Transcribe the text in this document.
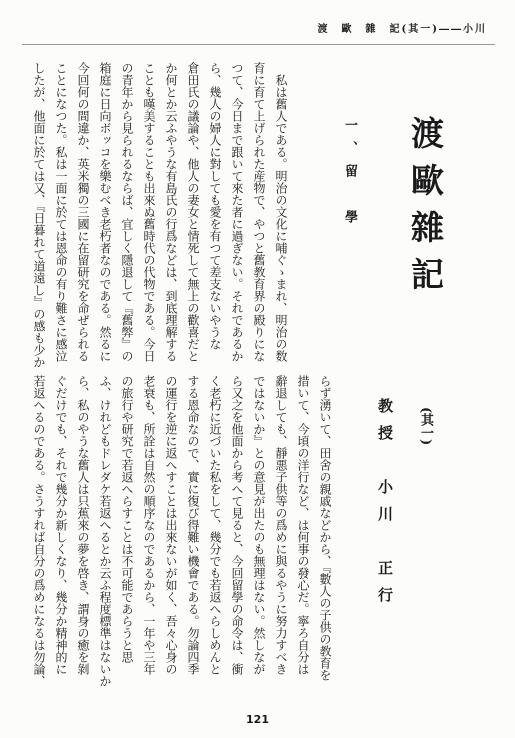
渡　歐　雜　記(其一)――小川
渡歐雜記
(其一)
教授　小川　正行
一、留　學

　私は舊人である。明治の文化に哺ぐゝまれ、明治の数
育に育て上げられた産物で、やつと舊教育界の殿りにな
つて、今日まで跟いて來た者に過ぎない。それであるか
ら、幾人の婦人に對しても愛を有つて差支ないやうな
倉田氏の議論や、他人の妻女と情死して無上の歡喜だと
か何とか云ふやうな有島氏の行爲などは、到底理解する
ことも嘆美することも出來ぬ舊時代の代物である。今日
の青年から見られるならば、宜しく隱退して『舊弊』の
箱庭に日向ボッコを樂むべき老朽者なのである。然るに
今回何の間違か、英米獨の三國に在留研究を命ぜられる
ことになつた。私は一面に於ては恩命の有り難さに感泣
したが、他面に於ては又、『日暮れて道遠し』の感も少か

らず湧いて、田舍の親戚などから、『數人の子供の教育を
措いて、今頃の洋行など、は何事の發心だ。寧ろ自分は
辭退しても、靜悪子供等の爲めに與るやうに努力すべき
ではないか』との意見が出たのも無理はない。然しなが
ら又之を他面から考へて見ると、今回留學の命令は、衝
く老朽に近づいた私をして、幾分でも若返へらしめんと
する恩命なので、實に復び得難い機會である。勿論四季
の運行を逆に返へすことは出來ないが如く、吾々心身の
老衰も、所詮は自然の順序なのであるから、一年や三年
の旅行や研究で若返へらすことは不可能であらうと思
ふ、けれどもドレダケ若返へるとか云ふ程度標準はないか
ら、私のやうな舊人は只蕉來の夢を啓き、謂身の癒を剝
ぐだけでも、それで幾分か新しくなり、幾分か精神的に
若返へるのである。さうすれば自分の爲めになるは勿論、

121
